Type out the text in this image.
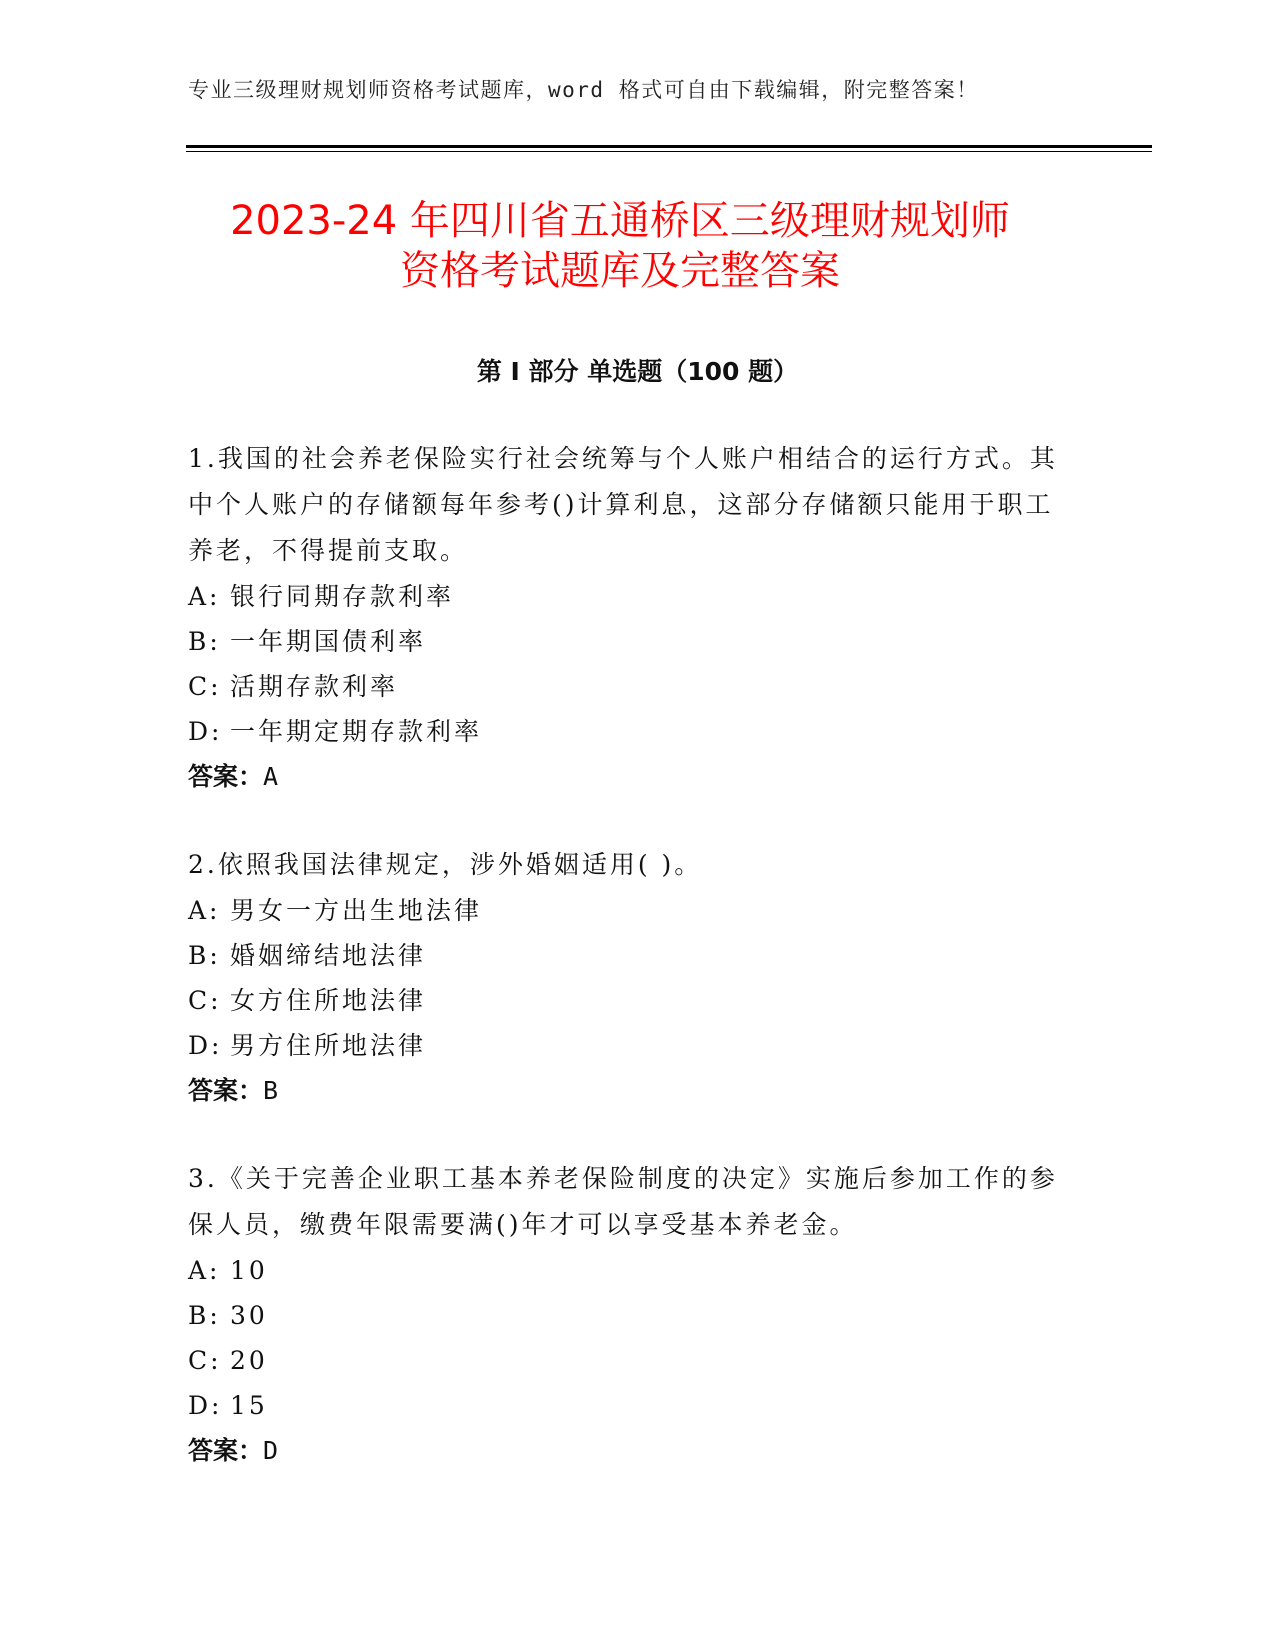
专业三级理财规划师资格考试题库，word 格式可自由下载编辑，附完整答案！
2023-24 年四川省五通桥区三级理财规划师
资格考试题库及完整答案
第 I 部分 单选题（100 题）

1.我国的社会养老保险实行社会统筹与个人账户相结合的运行方式。其中个人账户的存储额每年参考()计算利息，这部分存储额只能用于职工养老，不得提前支取。

A: 银行同期存款利率

B: 一年期国债利率

C: 活期存款利率

D: 一年期定期存款利率

答案：A

2.依照我国法律规定，涉外婚姻适用( )。

A: 男女一方出生地法律

B: 婚姻缔结地法律

C: 女方住所地法律

D: 男方住所地法律

答案：B

3.《关于完善企业职工基本养老保险制度的决定》实施后参加工作的参保人员，缴费年限需要满()年才可以享受基本养老金。

A: 10

B: 30

C: 20

D: 15

答案：D
